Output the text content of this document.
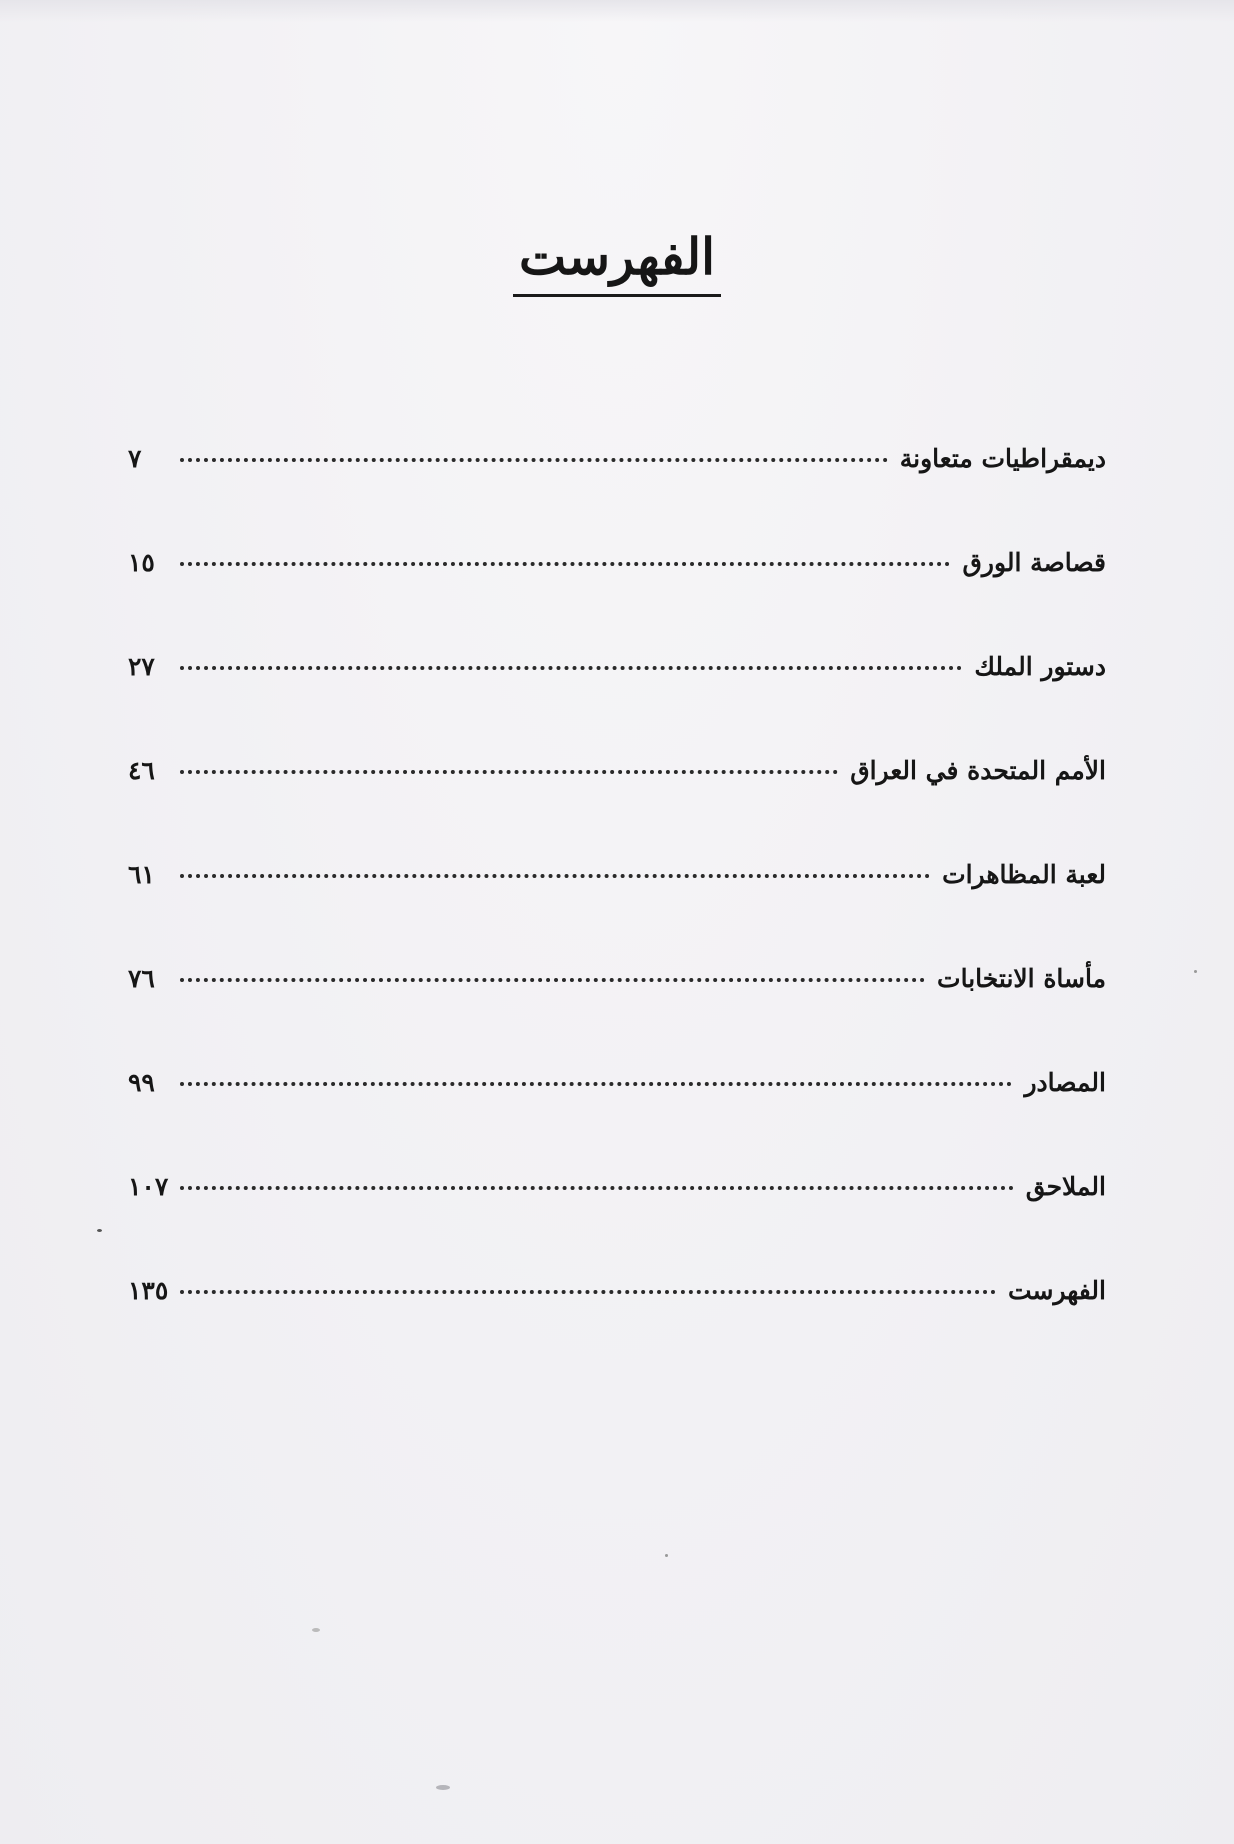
الفهرست
ديمقراطيات متعاونة
٧
قصاصة الورق
١٥
دستور الملك
٢٧
الأمم المتحدة في العراق
٤٦
لعبة المظاهرات
٦١
مأساة الانتخابات
٧٦
المصادر
٩٩
الملاحق
١٠٧
الفهرست
١٣٥
